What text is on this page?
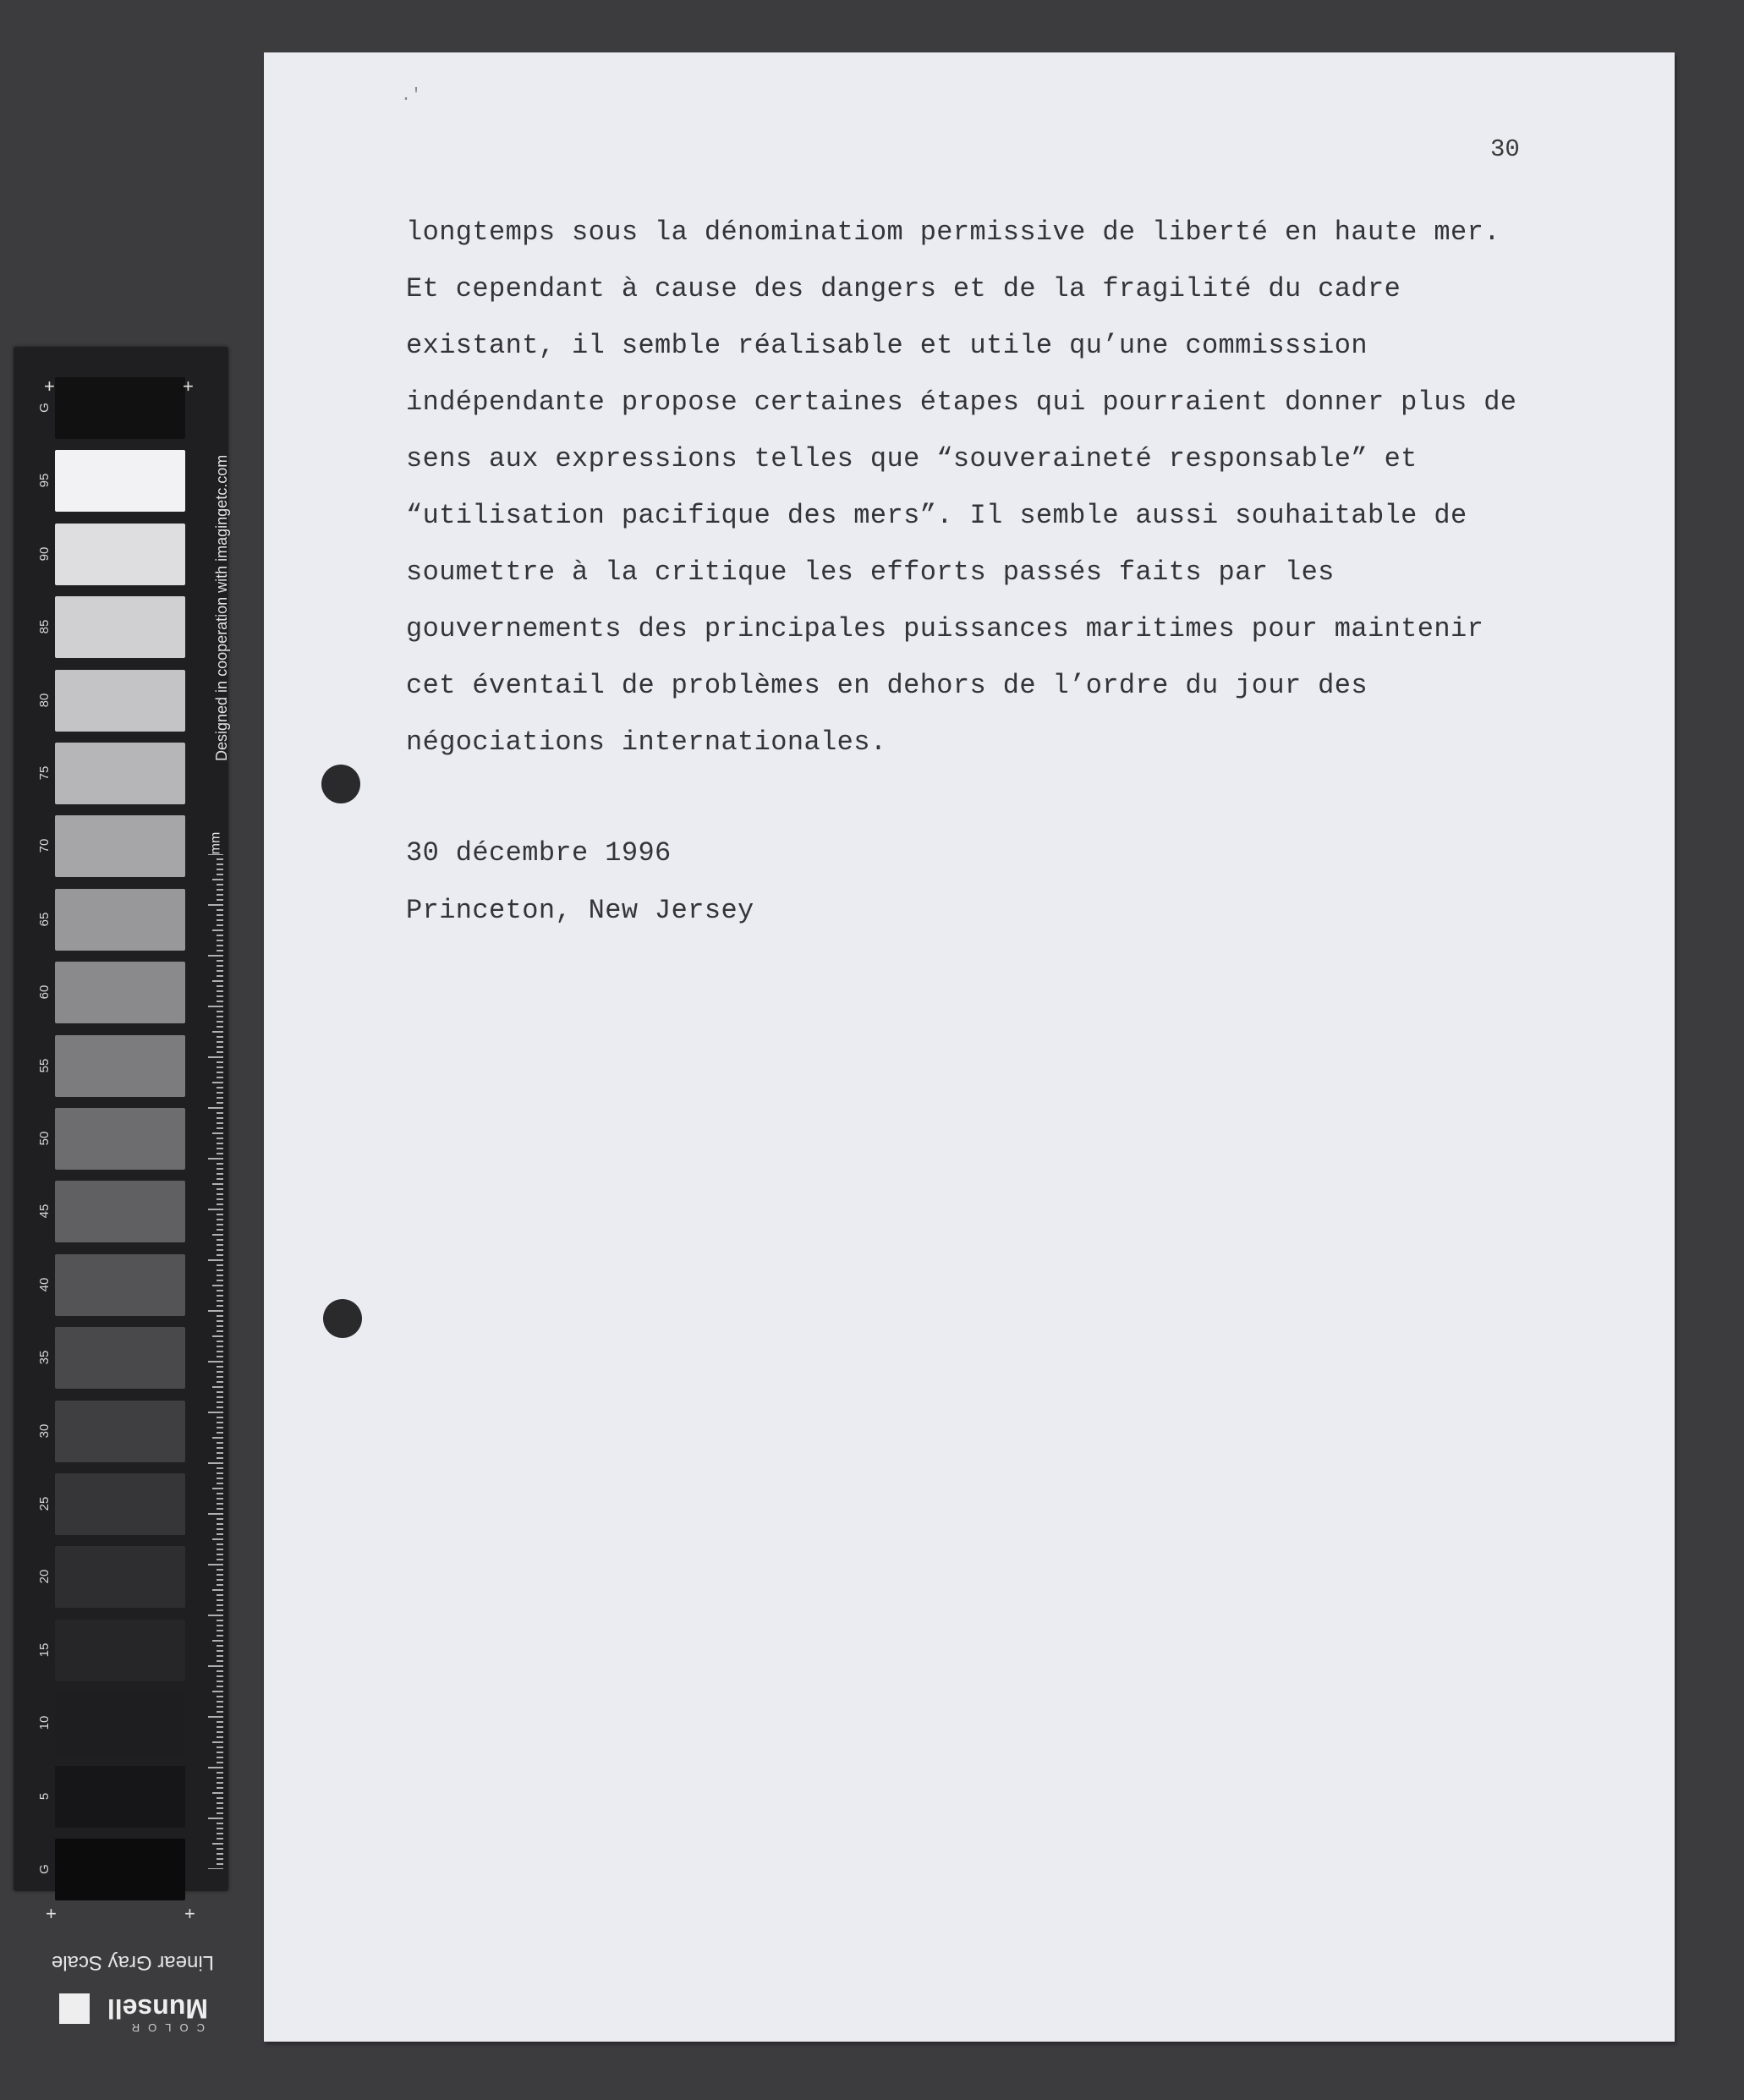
G
95
90
85
80
75
70
65
60
55
50
45
40
35
30
25
20
15
10
5
G
+	+
+	+
Designed in cooperation with imagingetc.com
mm
Linear Gray Scale
COLOR
Munsell
.'
30
longtemps sous la dénominatiom permissive de liberté en haute mer.
Et cependant à cause des dangers et de la fragilité du cadre
existant, il semble réalisable et utile qu’une commisssion
indépendante propose certaines étapes qui pourraient donner plus de
sens aux expressions telles que “souveraineté responsable” et
“utilisation pacifique des mers”. Il semble aussi souhaitable de
soumettre à la critique les efforts passés faits par les
gouvernements des principales puissances maritimes pour maintenir
cet éventail de problèmes en dehors de l’ordre du jour des
négociations internationales.
30 décembre 1996
Princeton, New Jersey
